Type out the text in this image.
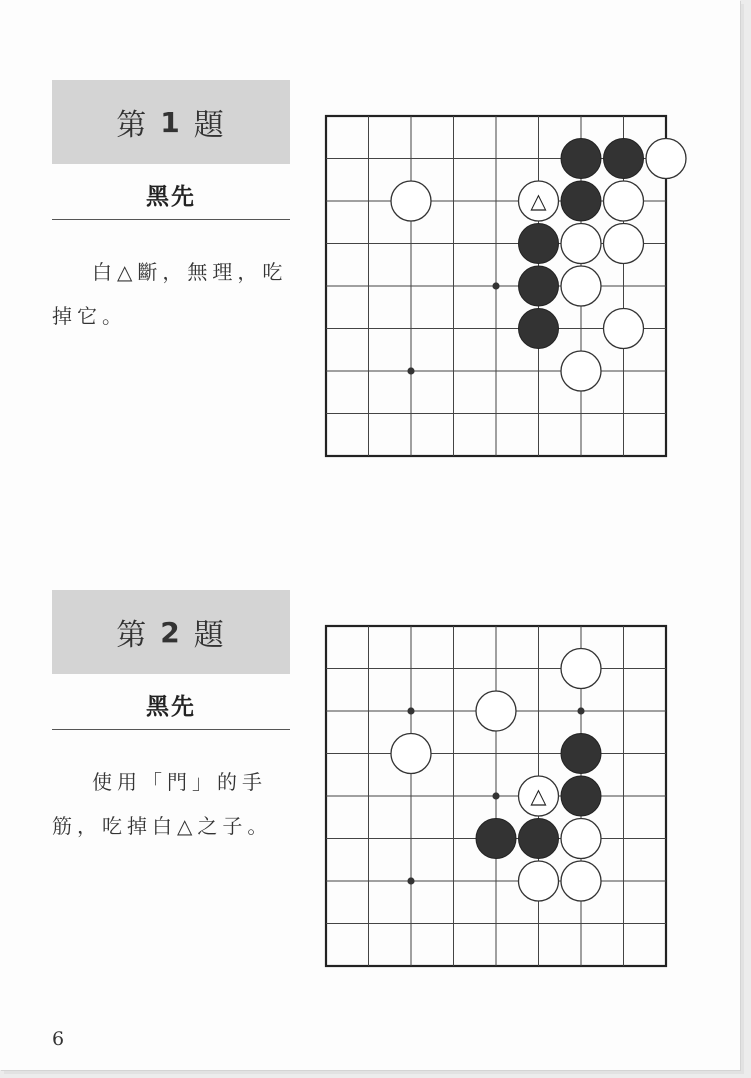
第 1 題
黑先
白△斷，無理，吃掉它。
△
第 2 題
黑先
使用「門」的手筋，吃掉白△之子。
△
6
